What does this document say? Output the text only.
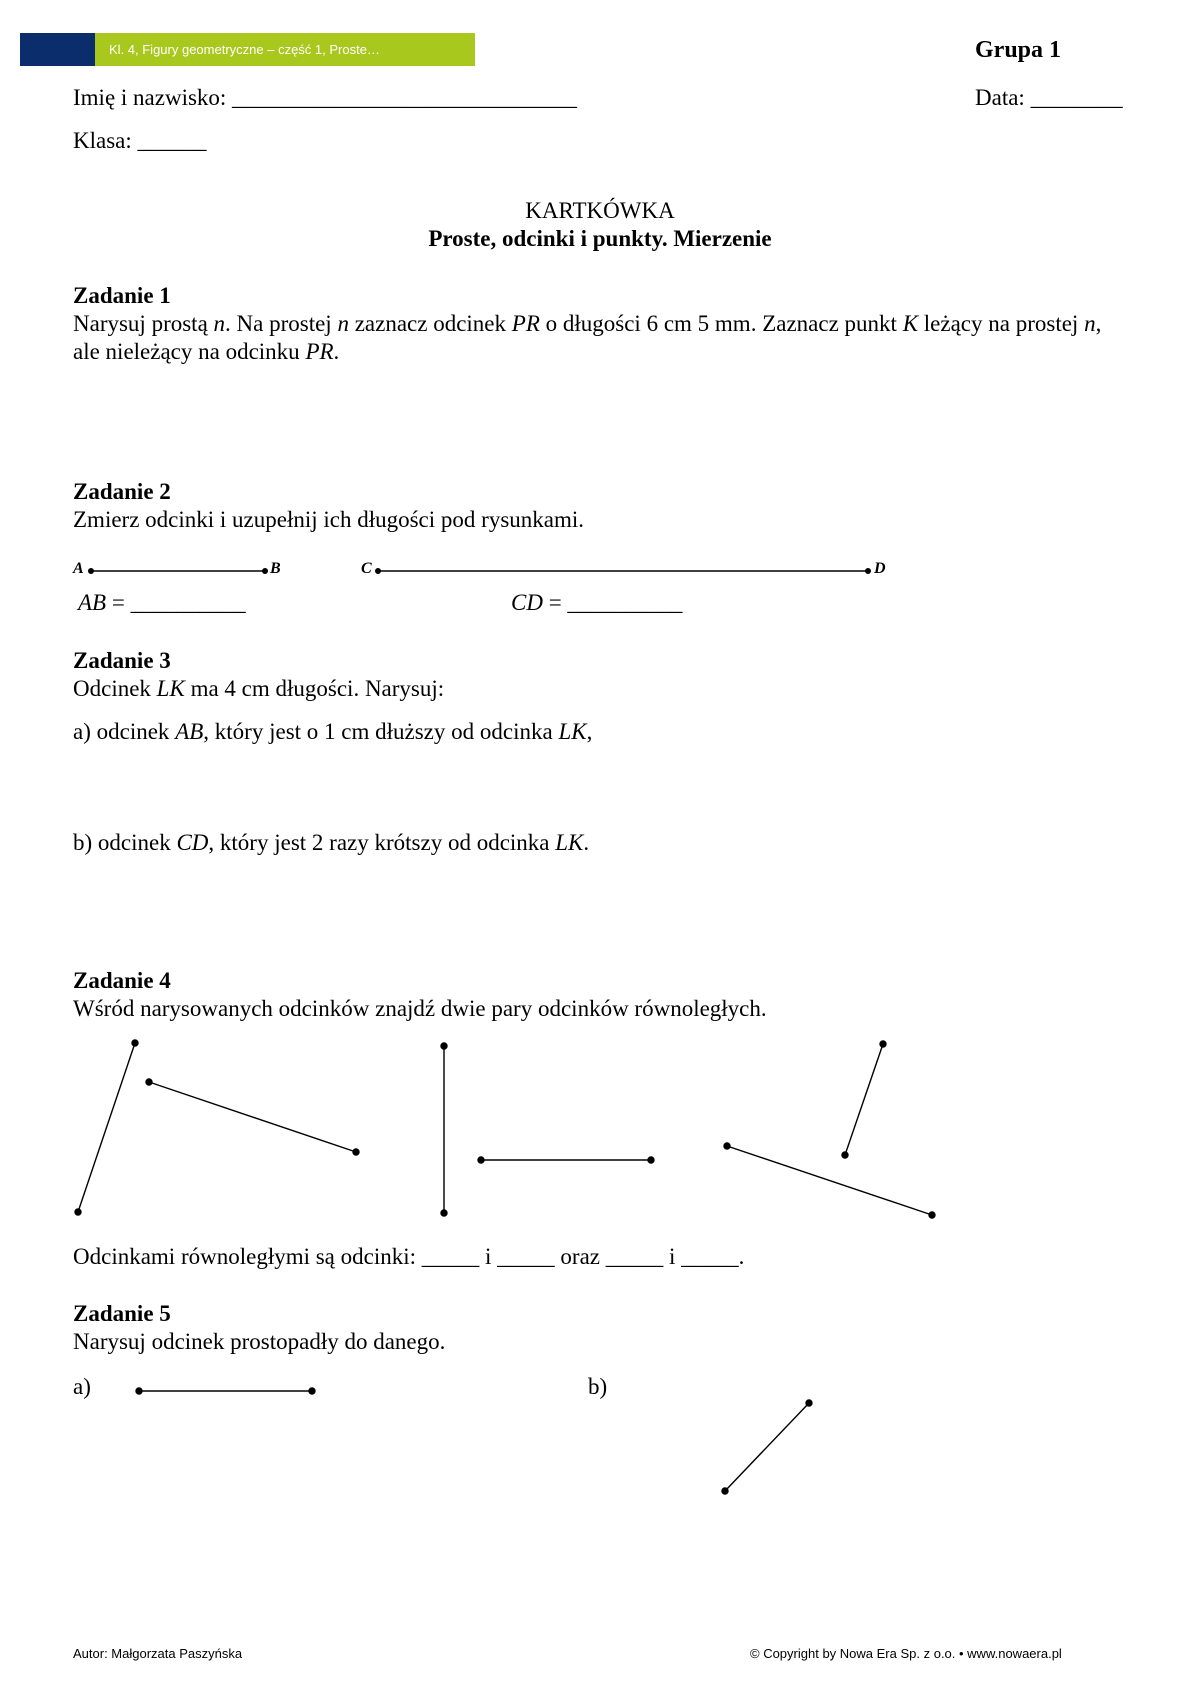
Kl. 4, Figury geometryczne – część 1, Proste…	Grupa 1
Imię i nazwisko: ______________________________	Data: ________
Klasa: ______
KARTKÓWKA
Proste, odcinki i punkty. Mierzenie
Zadanie 1
Narysuj prostą n. Na prostej n zaznacz odcinek PR o długości 6 cm 5 mm. Zaznacz punkt K leżący na prostej n,
ale nieleżący na odcinku PR.
Zadanie 2
Zmierz odcinki i uzupełnij ich długości pod rysunkami.
AB = __________	CD = __________
Zadanie 3
Odcinek LK ma 4 cm długości. Narysuj:
a) odcinek AB, który jest o 1 cm dłuższy od odcinka LK,
b) odcinek CD, który jest 2 razy krótszy od odcinka LK.
Zadanie 4
Wśród narysowanych odcinków znajdź dwie pary odcinków równoległych.
Odcinkami równoległymi są odcinki: _____ i _____ oraz _____ i _____.
Zadanie 5
Narysuj odcinek prostopadły do danego.
a)	b)
A	B	C	D
Autor: Małgorzata Paszyńska	© Copyright by Nowa Era Sp. z o.o. • www.nowaera.pl
